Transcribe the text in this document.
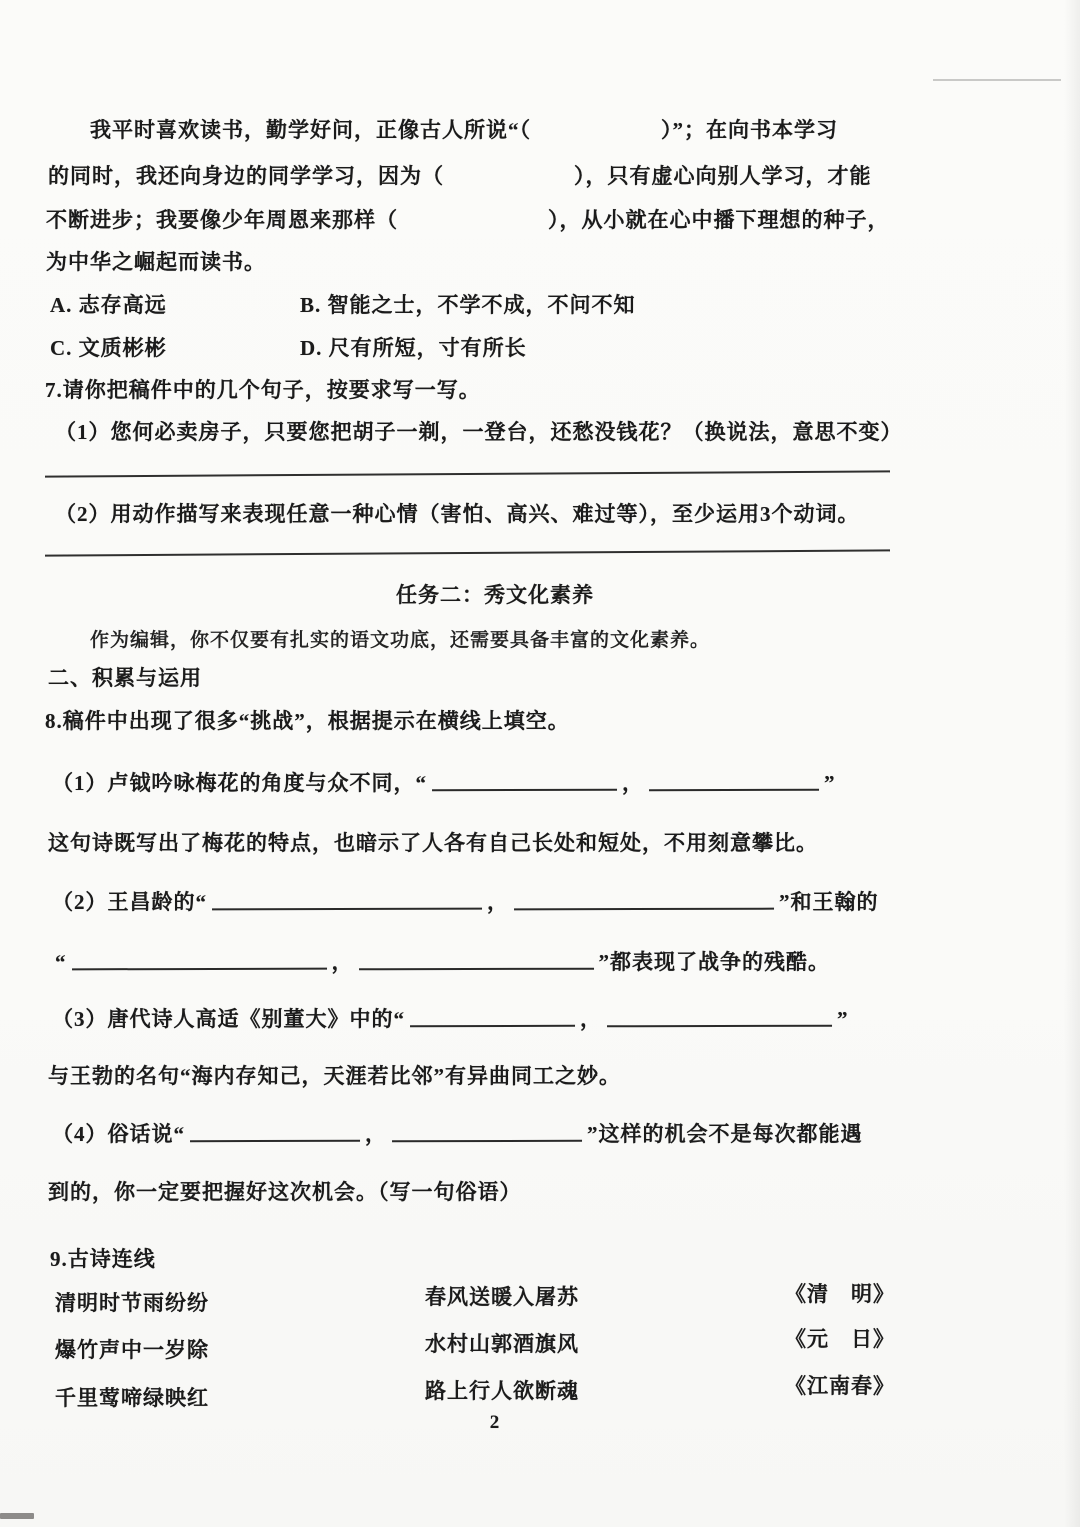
我平时喜欢读书，勤学好问，正像古人所说“（	）”；在向书本学习
的同时，我还向身边的同学学习，因为（	），只有虚心向别人学习，才能
不断进步；我要像少年周恩来那样（	），从小就在心中播下理想的种子，
为中华之崛起而读书。
A. 志存高远	B. 智能之士，不学不成，不问不知
C. 文质彬彬	D. 尺有所短，寸有所长
7.请你把稿件中的几个句子，按要求写一写。
（1）您何必卖房子，只要您把胡子一剃，一登台，还愁没钱花？（换说法，意思不变）
（2）用动作描写来表现任意一种心情（害怕、高兴、难过等），至少运用3个动词。
任务二：秀文化素养
作为编辑，你不仅要有扎实的语文功底，还需要具备丰富的文化素养。
二、积累与运用
8.稿件中出现了很多“挑战”，根据提示在横线上填空。
（1）卢钺吟咏梅花的角度与众不同，“	，	”
这句诗既写出了梅花的特点，也暗示了人各有自己长处和短处，不用刻意攀比。
（2）王昌龄的“	，	”和王翰的
“	，	”都表现了战争的残酷。
（3）唐代诗人高适《别董大》中的“	，	”
与王勃的名句“海内存知己，天涯若比邻”有异曲同工之妙。
（4）俗话说“	，	”这样的机会不是每次都能遇
到的，你一定要把握好这次机会。（写一句俗语）
9.古诗连线
清明时节雨纷纷	春风送暖入屠苏	《清　明》
爆竹声中一岁除	水村山郭酒旗风	《元　日》
千里莺啼绿映红	路上行人欲断魂	《江南春》
2
